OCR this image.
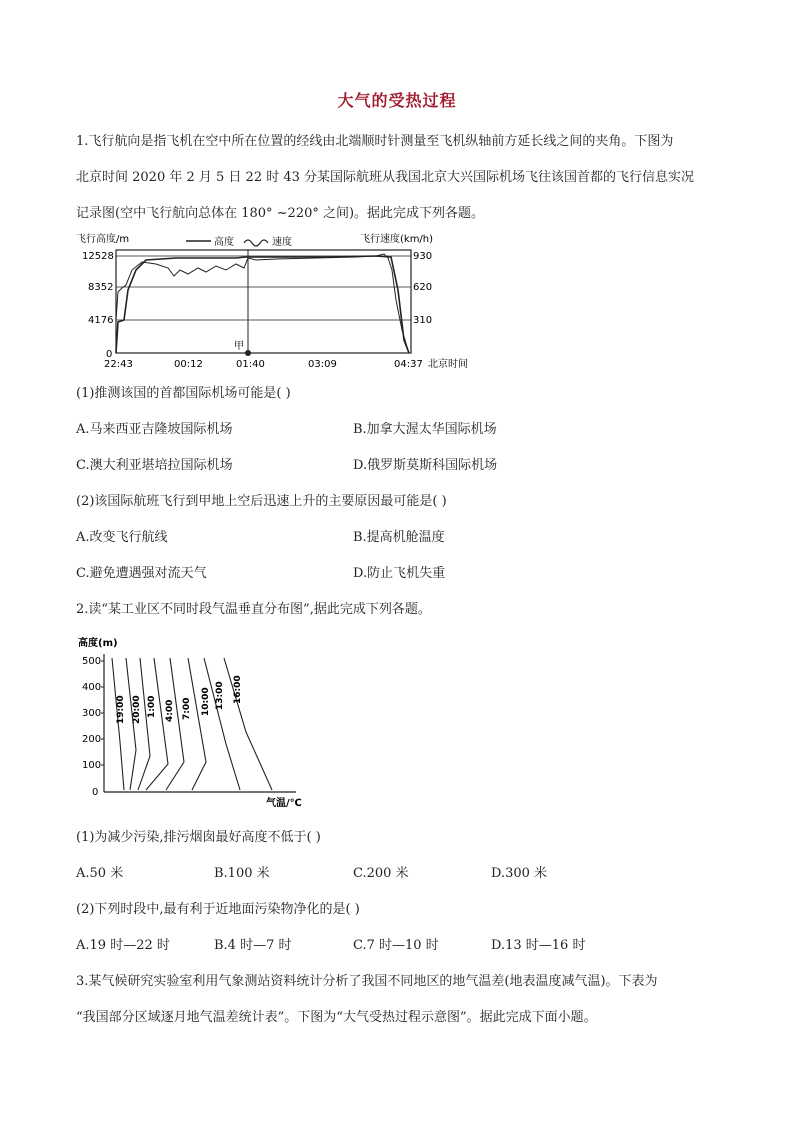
大气的受热过程
1.飞行航向是指飞机在空中所在位置的经线由北端顺时针测量至飞机纵轴前方延长线之间的夹角。下图为
北京时间 2020 年 2 月 5 日 22 时 43 分某国际航班从我国北京大兴国际机场飞往该国首都的飞行信息实况
记录图(空中飞行航向总体在 180° ~220° 之间)。据此完成下列各题。
飞行高度/m
12528
8352
4176
0
高度	速度	飞行速度(km/h)
930
620
310
甲
22:43	00:12	01:40	03:09	04:37 北京时间
(1)推测该国的首都国际机场可能是( )
A.马来西亚吉隆坡国际机场	B.加拿大渥太华国际机场
C.澳大利亚堪培拉国际机场	D.俄罗斯莫斯科国际机场
(2)该国际航班飞行到甲地上空后迅速上升的主要原因最可能是( )
A.改变飞行航线	B.提高机舱温度
C.避免遭遇强对流天气	D.防止飞机失重
2.读“某工业区不同时段气温垂直分布图”,据此完成下列各题。
高度(m)
500
400
300
200
100
0
19:00 20:00 1:00 4:00 7:00 10:00 13:00 16:00
气温/℃
(1)为减少污染,排污烟囱最好高度不低于( )
A.50 米	B.100 米	C.200 米	D.300 米
(2)下列时段中,最有利于近地面污染物净化的是( )
A.19 时—22 时	B.4 时—7 时	C.7 时—10 时	D.13 时—16 时
3.某气候研究实验室利用气象测站资料统计分析了我国不同地区的地气温差(地表温度减气温)。下表为
“我国部分区域逐月地气温差统计表”。下图为“大气受热过程示意图”。据此完成下面小题。
